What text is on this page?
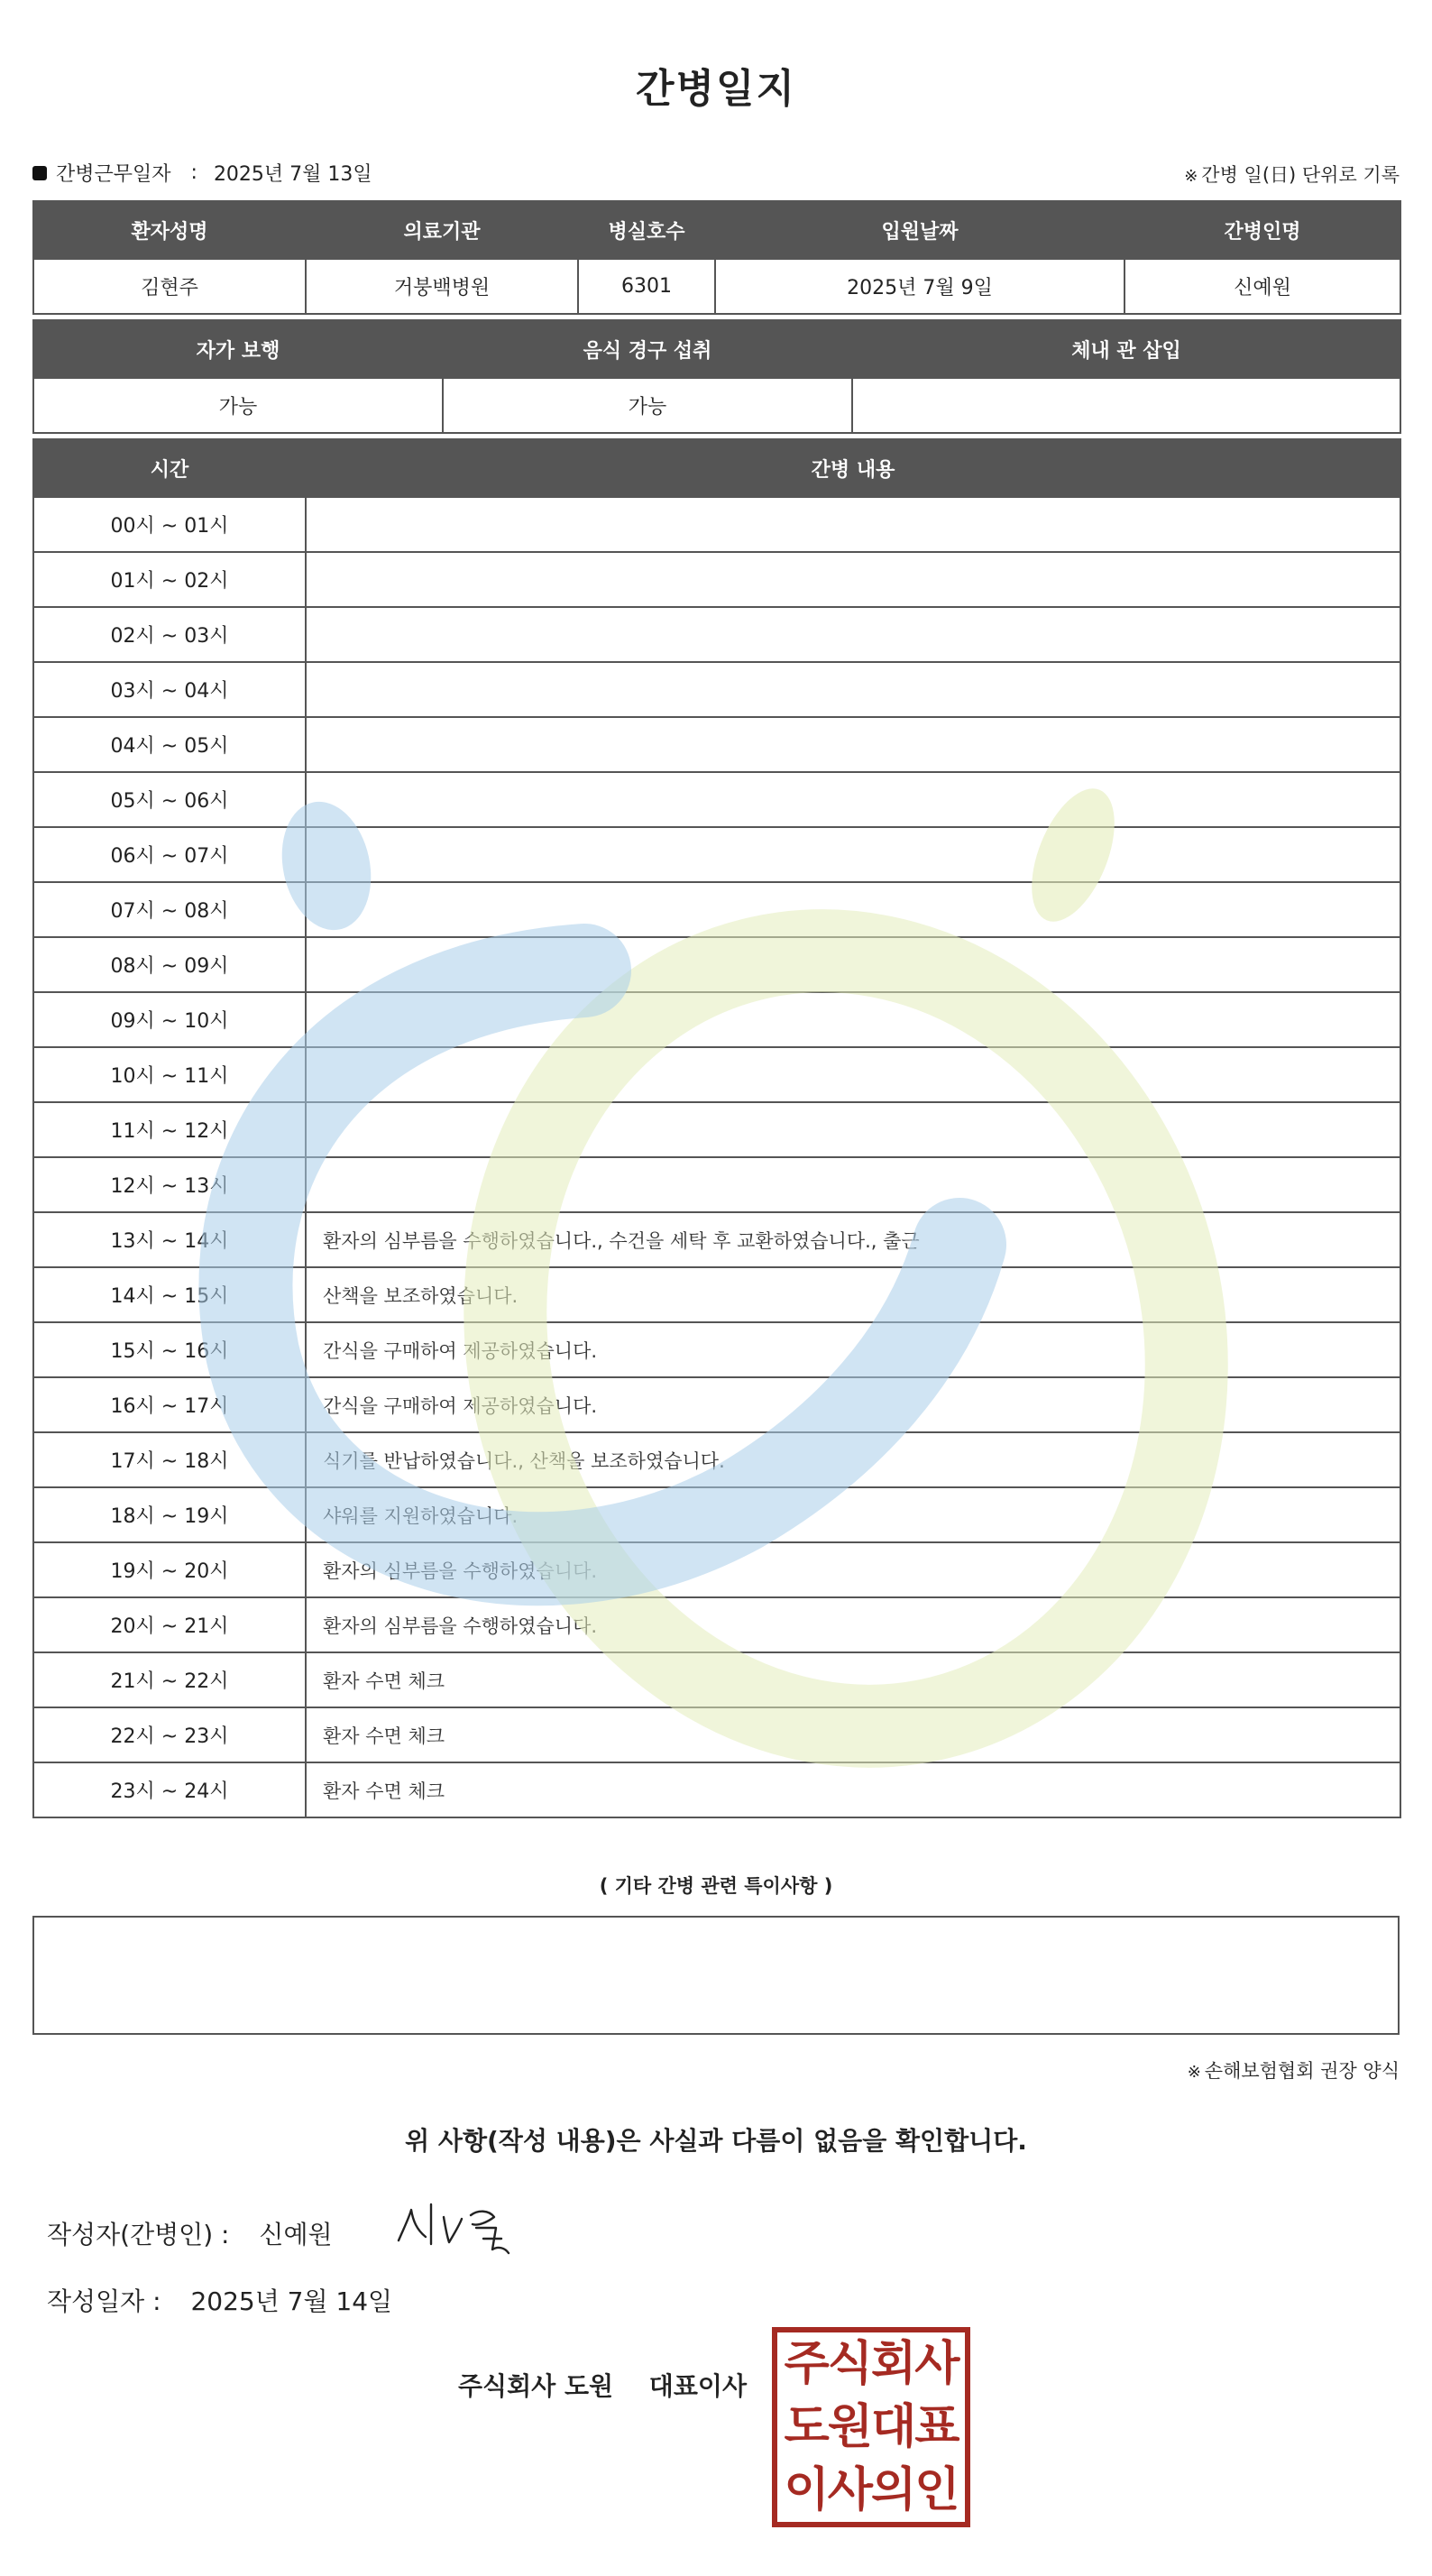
간병일지
간병근무일자 : 2025년 7월 13일	※ 간병 일(日) 단위로 기록
환자성명	의료기관	병실호수	입원날짜	간병인명
김현주	거붕백병원	6301	2025년 7월 9일	신예원
자가 보행	음식 경구 섭취	체내 관 삽입
가능	가능	
시간	간병 내용
00시 ~ 01시	
01시 ~ 02시	
02시 ~ 03시	
03시 ~ 04시	
04시 ~ 05시	
05시 ~ 06시	
06시 ~ 07시	
07시 ~ 08시	
08시 ~ 09시	
09시 ~ 10시	
10시 ~ 11시	
11시 ~ 12시	
12시 ~ 13시	
13시 ~ 14시	환자의 심부름을 수행하였습니다., 수건을 세탁 후 교환하였습니다., 출근
14시 ~ 15시	산책을 보조하였습니다.
15시 ~ 16시	간식을 구매하여 제공하였습니다.
16시 ~ 17시	간식을 구매하여 제공하였습니다.
17시 ~ 18시	식기를 반납하였습니다., 산책을 보조하였습니다.
18시 ~ 19시	샤워를 지원하였습니다.
19시 ~ 20시	환자의 심부름을 수행하였습니다.
20시 ~ 21시	환자의 심부름을 수행하였습니다.
21시 ~ 22시	환자 수면 체크
22시 ~ 23시	환자 수면 체크
23시 ~ 24시	환자 수면 체크
( 기타 간병 관련 특이사항 )
※ 손해보험협회 권장 양식
위 사항(작성 내용)은 사실과 다름이 없음을 확인합니다.
작성자(간병인) : 신예원
작성일자 : 2025년 7월 14일
주식회사 도원 대표이사 주식회사
도원대표
이사의인
